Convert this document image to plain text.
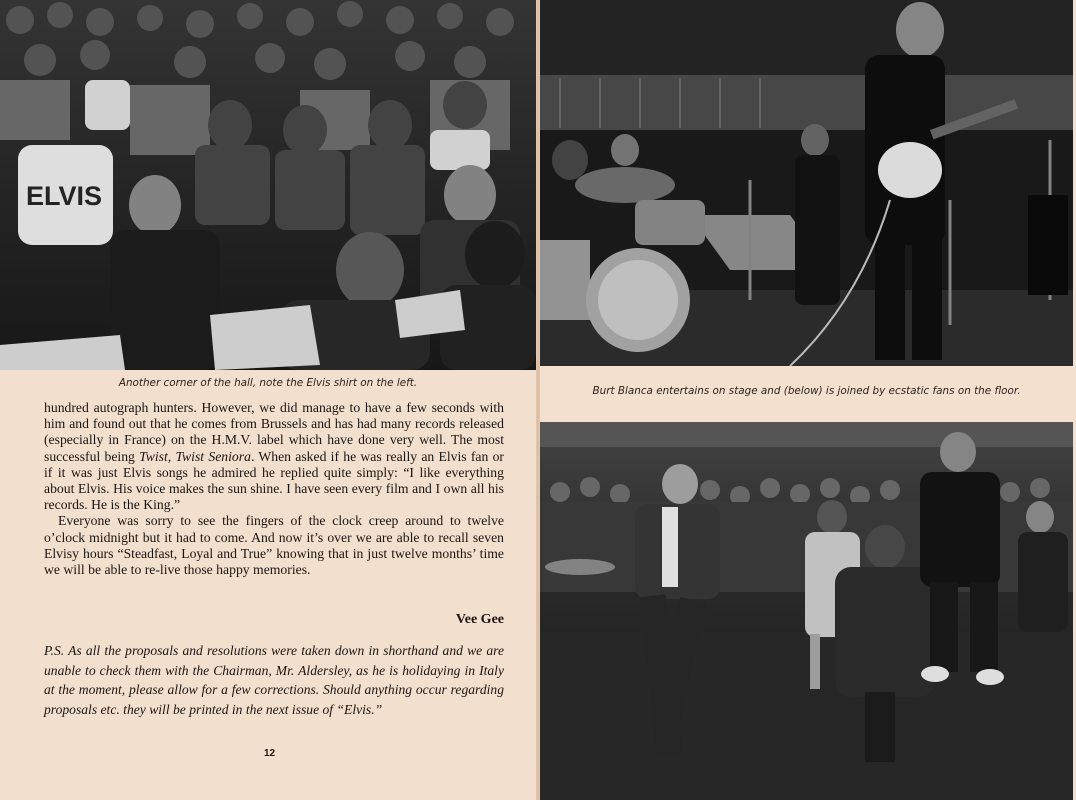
ELVIS
Another corner of the hall, note the Elvis shirt on the left.
Burt Blanca entertains on stage and (below) is joined by ecstatic fans on the floor.

hundred autograph hunters. However, we did manage to have a few seconds with him and found out that he comes from Brussels and has had many records released (especially in France) on the H.M.V. label which have done very well. The most successful being Twist, Twist Seniora. When asked if he was really an Elvis fan or if it was just Elvis songs he admired he replied quite simply: “I like everything about Elvis. His voice makes the sun shine. I have seen every film and I own all his records. He is the King.”

Everyone was sorry to see the fingers of the clock creep around to twelve o’clock midnight but it had to come. And now it’s over we are able to recall seven Elvisy hours “Steadfast, Loyal and True” knowing that in just twelve months’ time we will be able to re-live those happy memories.

Vee Gee
P.S. As all the proposals and resolutions were taken down in shorthand and we are unable to check them with the Chairman, Mr. Aldersley, as he is holidaying in Italy at the moment, please allow for a few corrections. Should anything occur regarding proposals etc. they will be printed in the next issue of “Elvis.”
12
